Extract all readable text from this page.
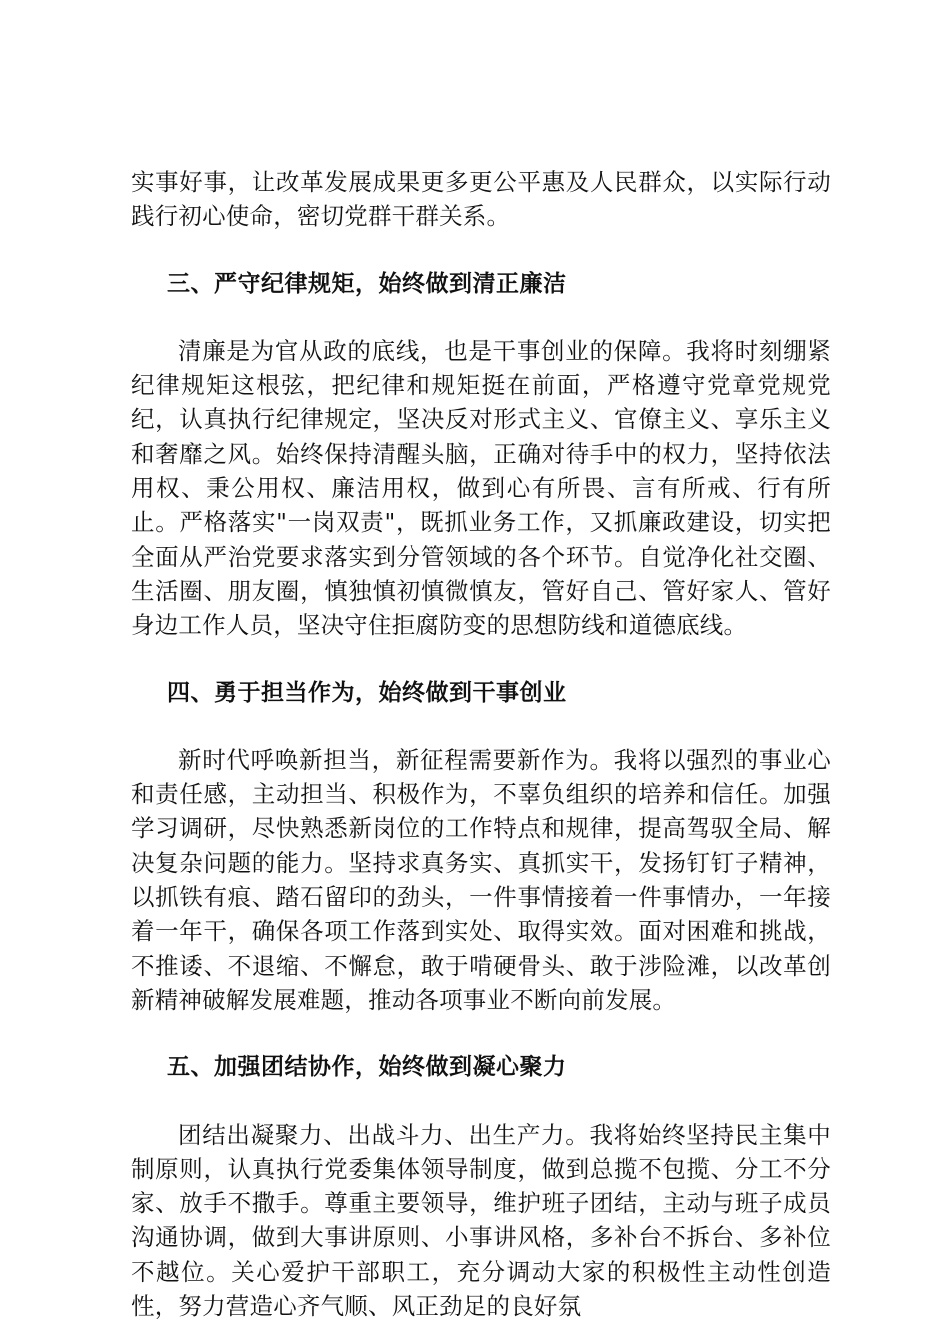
实事好事，让改革发展成果更多更公平惠及人民群众，以实际行动践行初心使命，密切党群干群关系。

三、严守纪律规矩，始终做到清正廉洁

清廉是为官从政的底线，也是干事创业的保障。我将时刻绷紧纪律规矩这根弦，把纪律和规矩挺在前面，严格遵守党章党规党纪，认真执行纪律规定，坚决反对形式主义、官僚主义、享乐主义和奢靡之风。始终保持清醒头脑，正确对待手中的权力，坚持依法用权、秉公用权、廉洁用权，做到心有所畏、言有所戒、行有所止。严格落实"一岗双责"，既抓业务工作，又抓廉政建设，切实把全面从严治党要求落实到分管领域的各个环节。自觉净化社交圈、生活圈、朋友圈，慎独慎初慎微慎友，管好自己、管好家人、管好身边工作人员，坚决守住拒腐防变的思想防线和道德底线。

四、勇于担当作为，始终做到干事创业

新时代呼唤新担当，新征程需要新作为。我将以强烈的事业心和责任感，主动担当、积极作为，不辜负组织的培养和信任。加强学习调研，尽快熟悉新岗位的工作特点和规律，提高驾驭全局、解决复杂问题的能力。坚持求真务实、真抓实干，发扬钉钉子精神，以抓铁有痕、踏石留印的劲头，一件事情接着一件事情办，一年接着一年干，确保各项工作落到实处、取得实效。面对困难和挑战，不推诿、不退缩、不懈怠，敢于啃硬骨头、敢于涉险滩，以改革创新精神破解发展难题，推动各项事业不断向前发展。

五、加强团结协作，始终做到凝心聚力

团结出凝聚力、出战斗力、出生产力。我将始终坚持民主集中制原则，认真执行党委集体领导制度，做到总揽不包揽、分工不分家、放手不撒手。尊重主要领导，维护班子团结，主动与班子成员沟通协调，做到大事讲原则、小事讲风格，多补台不拆台、多补位不越位。关心爱护干部职工，充分调动大家的积极性主动性创造性，努力营造心齐气顺、风正劲足的良好氛
